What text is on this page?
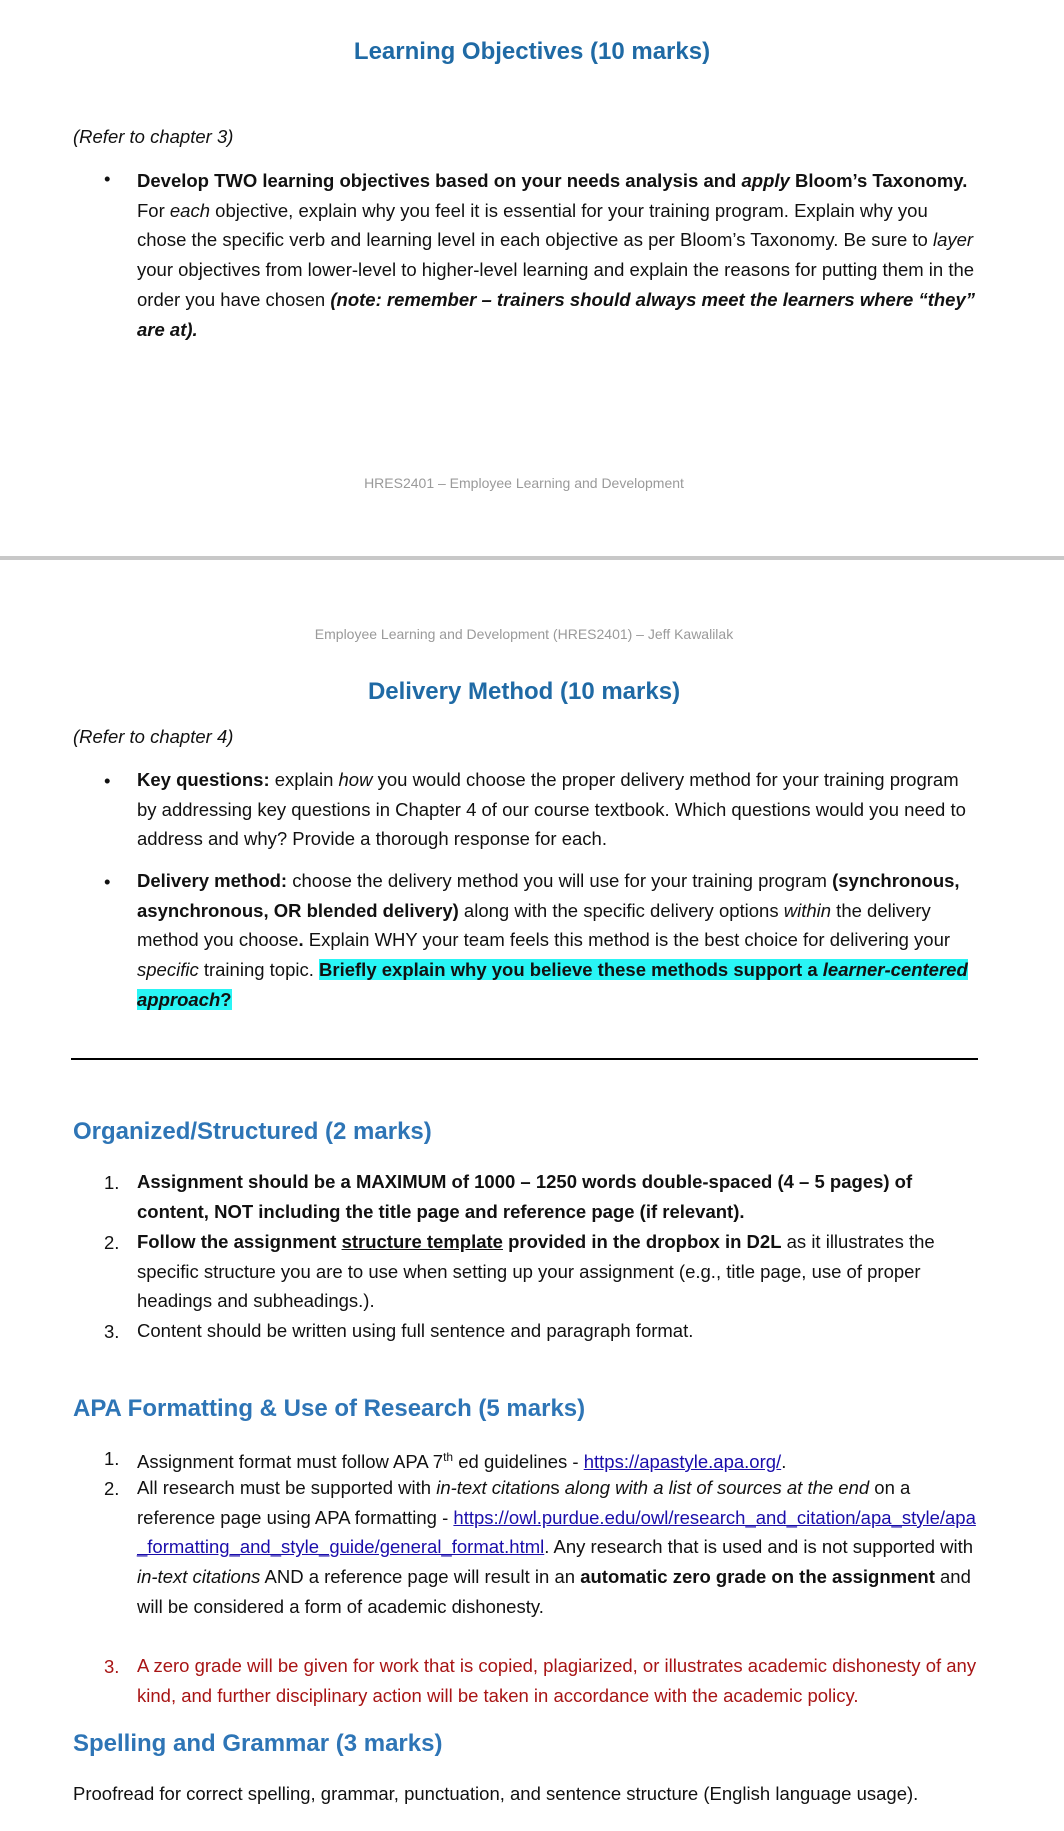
Learning Objectives (10 marks)
(Refer to chapter 3)
• Develop TWO learning objectives based on your needs analysis and apply Bloom’s Taxonomy.
For each objective, explain why you feel it is essential for your training program. Explain why you chose the specific verb and learning level in each objective as per Bloom’s Taxonomy. Be sure to layer your objectives from lower-level to higher-level learning and explain the reasons for putting them in the order you have chosen (note: remember – trainers should always meet the learners where “they” are at).
HRES2401 – Employee Learning and Development
Employee Learning and Development (HRES2401) – Jeff Kawalilak
Delivery Method (10 marks)
(Refer to chapter 4)
• Key questions: explain how you would choose the proper delivery method for your training program by addressing key questions in Chapter 4 of our course textbook. Which questions would you need to address and why? Provide a thorough response for each.
• Delivery method: choose the delivery method you will use for your training program (synchronous, asynchronous, OR blended delivery) along with the specific delivery options within the delivery method you choose. Explain WHY your team feels this method is the best choice for delivering your specific training topic. Briefly explain why you believe these methods support a learner-centered approach?
Organized/Structured (2 marks)
1. Assignment should be a MAXIMUM of 1000 – 1250 words double-spaced (4 – 5 pages) of content, NOT including the title page and reference page (if relevant).
2. Follow the assignment structure template provided in the dropbox in D2L as it illustrates the specific structure you are to use when setting up your assignment (e.g., title page, use of proper headings and subheadings.).
3. Content should be written using full sentence and paragraph format.
APA Formatting & Use of Research (5 marks)
1. Assignment format must follow APA 7th ed guidelines - https://apastyle.apa.org/.
2. All research must be supported with in-text citations along with a list of sources at the end on a reference page using APA formatting - https://owl.purdue.edu/owl/research_and_citation/apa_style/apa_formatting_and_style_guide/general_format.html. Any research that is used and is not supported with in-text citations AND a reference page will result in an automatic zero grade on the assignment and will be considered a form of academic dishonesty.
3. A zero grade will be given for work that is copied, plagiarized, or illustrates academic dishonesty of any kind, and further disciplinary action will be taken in accordance with the academic policy.
Spelling and Grammar (3 marks)
Proofread for correct spelling, grammar, punctuation, and sentence structure (English language usage).
